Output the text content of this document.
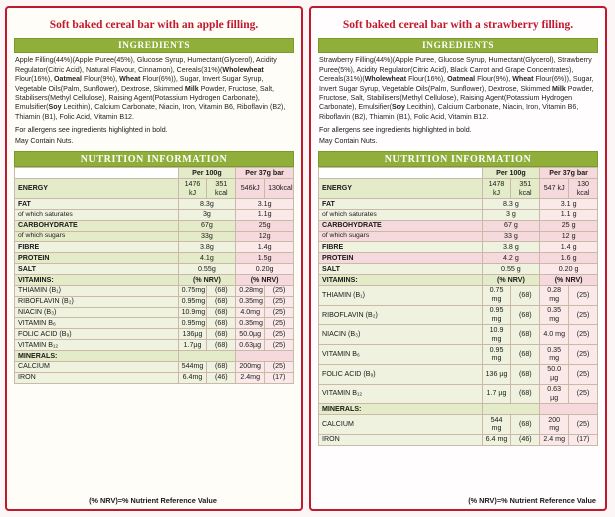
Soft baked cereal bar with an apple filling.
INGREDIENTS
Apple Filling(44%)(Apple Puree(45%), Glucose Syrup, Humectant(Glycerol), Acidity Regulator(Citric Acid), Natural Flavour, Cinnamon), Cereals(31%)(Wholewheat Flour(16%), Oatmeal Flour(9%), Wheat Flour(6%)), Sugar, Invert Sugar Syrup, Vegetable Oils(Palm, Sunflower), Dextrose, Skimmed Milk Powder, Fructose, Salt, Stabilisers(Methyl Cellulose), Raising Agent(Potassium Hydrogen Carbonate), Emulsifier(Soy Lecithin), Calcium Carbonate, Niacin, Iron, Vitamin B6, Riboflavin (B2), Thiamin (B1), Folic Acid, Vitamin B12.
For allergens see ingredients highlighted in bold.
May Contain Nuts.
NUTRITION INFORMATION
	Per 100g		Per 37g bar	
ENERGY	1476 kJ	351 kcal	546kJ	130kcal
FAT	8.3g		3.1g	
of which saturates	3g		1.1g	
CARBOHYDRATE	67g		25g	
of which sugars	33g		12g	
FIBRE	3.8g		1.4g	
PROTEIN	4.1g		1.5g	
SALT	0.55g		0.20g	
VITAMINS:	(% NRV)		(% NRV)	
THIAMIN (B₁)	0.75mg	(68)	0.28mg	(25)
RIBOFLAVIN (B₂)	0.95mg	(68)	0.35mg	(25)
NIACIN (B₃)	10.9mg	(68)	4.0mg	(25)
VITAMIN B₆	0.95mg	(68)	0.35mg	(25)
FOLIC ACID (B₉)	136µg	(68)	50.0µg	(25)
VITAMIN B₁₂	1.7µg	(68)	0.63µg	(25)
MINERALS:				
CALCIUM	544mg	(68)	200mg	(25)
IRON	6.4mg	(46)	2.4mg	(17)
(% NRV)=% Nutrient Reference Value
Soft baked cereal bar with a strawberry filling.
INGREDIENTS
Strawberry Filling(44%)(Apple Puree, Glucose Syrup, Humectant(Glycerol), Strawberry Puree(5%), Acidity Regulator(Citric Acid), Black Carrot and Grape Concentrates), Cereals(31%)(Wholewheat Flour(16%), Oatmeal Flour(9%), Wheat Flour(6%)), Sugar, Invert Sugar Syrup, Vegetable Oils(Palm, Sunflower), Dextrose, Skimmed Milk Powder, Fructose, Salt, Stabilisers(Methyl Cellulose), Raising Agent(Potassium Hydrogen Carbonate), Emulsifier(Soy Lecithin), Calcium Carbonate, Niacin, Iron, Vitamin B6, Riboflavin (B2), Thiamin (B1), Folic Acid, Vitamin B12.
For allergens see ingredients highlighted in bold.
May Contain Nuts.
NUTRITION INFORMATION
	Per 100g		Per 37g bar	
ENERGY	1478 kJ	351 kcal	547 kJ	130 kcal
FAT	8.3 g		3.1 g	
of which saturates	3 g		1.1 g	
CARBOHYDRATE	67 g		25 g	
of which sugars	33 g		12 g	
FIBRE	3.8 g		1.4 g	
PROTEIN	4.2 g		1.6 g	
SALT	0.55 g		0.20 g	
VITAMINS:	(% NRV)		(% NRV)	
THIAMIN (B₁)	0.75 mg	(68)	0.28 mg	(25)
RIBOFLAVIN (B₂)	0.95 mg	(68)	0.35 mg	(25)
NIACIN (B₃)	10.9 mg	(68)	4.0 mg	(25)
VITAMIN B₆	0.95 mg	(68)	0.35 mg	(25)
FOLIC ACID (B₉)	136 µg	(68)	50.0 µg	(25)
VITAMIN B₁₂	1.7 µg	(68)	0.63 µg	(25)
MINERALS:				
CALCIUM	544 mg	(68)	200 mg	(25)
IRON	6.4 mg	(46)	2.4 mg	(17)
(% NRV)=% Nutrient Reference Value
